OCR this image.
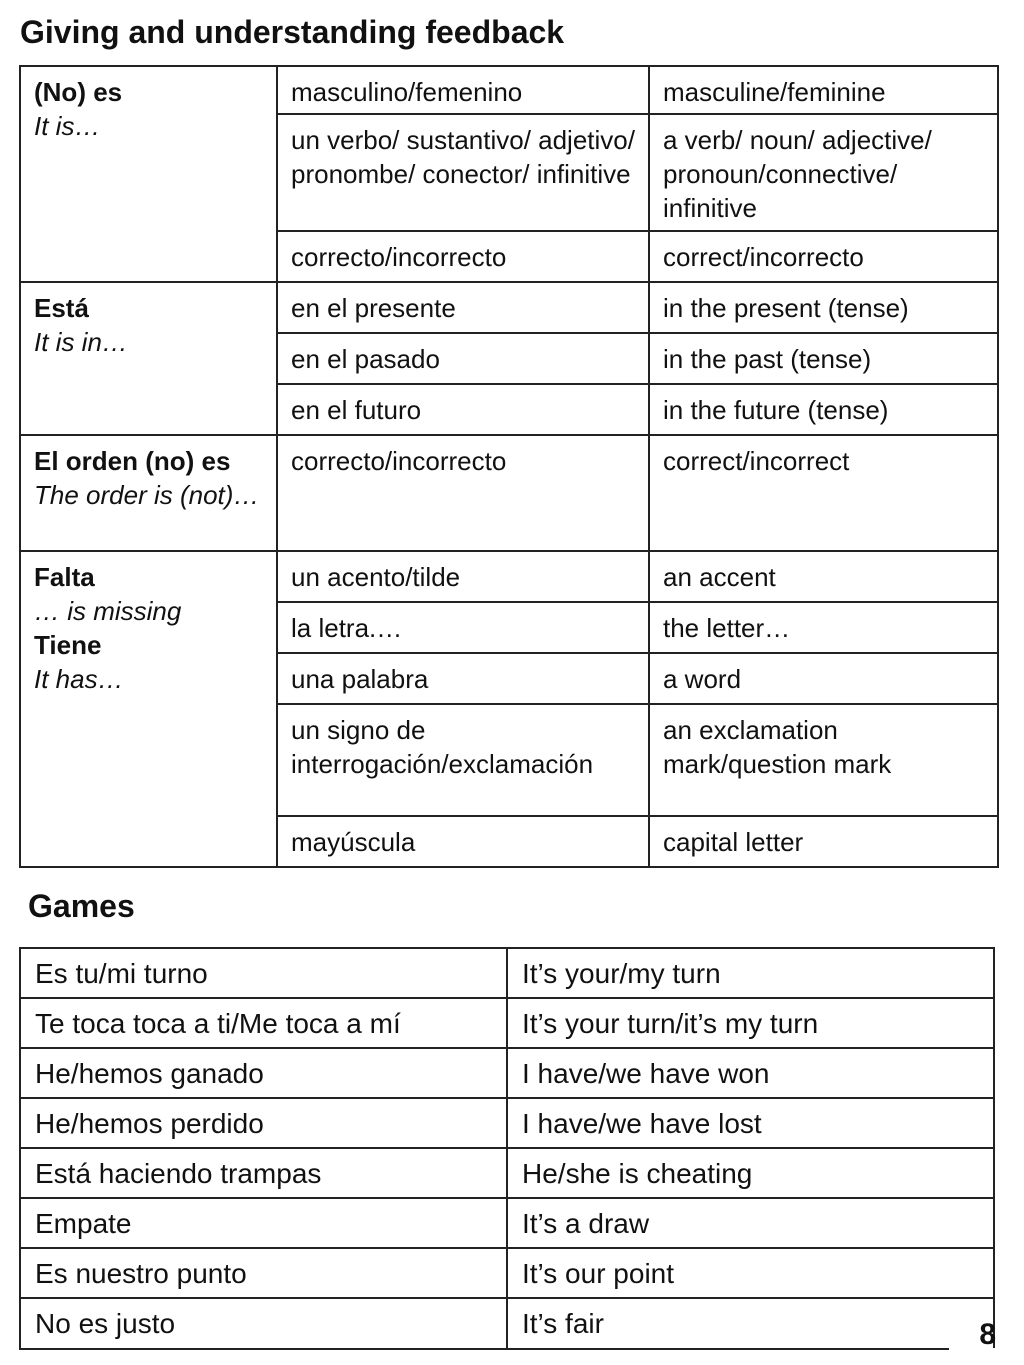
Giving and understanding feedback
(No) es
It is…	masculino/femenino	masculine/feminine
	un verbo/ sustantivo/ adjetivo/ pronombe/ conector/ infinitive	a verb/ noun/ adjective/ pronoun/connective/ infinitive
	correcto/incorrecto	correct/incorrecto

Está
It is in…	en el presente	in the present (tense)
	en el pasado	in the past (tense)
	en el futuro	in the future (tense)

El orden (no) es
The order is (not)…	correcto/incorrecto	correct/incorrect

Falta
… is missing
Tiene
It has…	un acento/tilde	an accent
	la letra.…	the letter…
	una palabra	a word
	un signo de interrogación/exclamación	an exclamation mark/question mark
	mayúscula	capital letter
Games
Es tu/mi turno	It’s your/my turn
Te toca toca a ti/Me toca a mí	It’s your turn/it’s my turn
He/hemos ganado	I have/we have won
He/hemos perdido	I have/we have lost
Está haciendo trampas	He/she is cheating
Empate	It’s a draw
Es nuestro punto	It’s our point
No es justo	It’s fair	8
